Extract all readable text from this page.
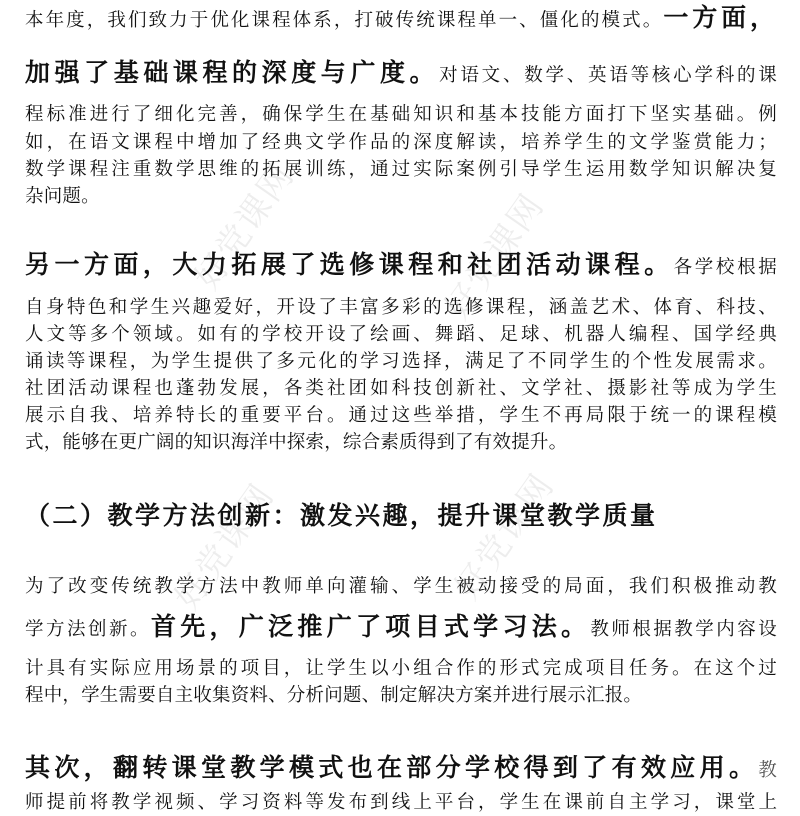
好党课网	好党课网
好党课网	好党课网
本年度，我们致力于优化课程体系，打破传统课程单一、僵化的模式。一方面，
加强了基础课程的深度与广度。对语文、数学、英语等核心学科的课
程标准进行了细化完善，确保学生在基础知识和基本技能方面打下坚实基础。例
如，在语文课程中增加了经典文学作品的深度解读，培养学生的文学鉴赏能力；
数学课程注重数学思维的拓展训练，通过实际案例引导学生运用数学知识解决复
杂问题。
另一方面，大力拓展了选修课程和社团活动课程。各学校根据
自身特色和学生兴趣爱好，开设了丰富多彩的选修课程，涵盖艺术、体育、科技、
人文等多个领域。如有的学校开设了绘画、舞蹈、足球、机器人编程、国学经典
诵读等课程，为学生提供了多元化的学习选择，满足了不同学生的个性发展需求。
社团活动课程也蓬勃发展，各类社团如科技创新社、文学社、摄影社等成为学生
展示自我、培养特长的重要平台。通过这些举措，学生不再局限于统一的课程模
式，能够在更广阔的知识海洋中探索，综合素质得到了有效提升。
（二）教学方法创新：激发兴趣，提升课堂教学质量
为了改变传统教学方法中教师单向灌输、学生被动接受的局面，我们积极推动教
学方法创新。首先，广泛推广了项目式学习法。教师根据教学内容设
计具有实际应用场景的项目，让学生以小组合作的形式完成项目任务。在这个过
程中，学生需要自主收集资料、分析问题、制定解决方案并进行展示汇报。
其次，翻转课堂教学模式也在部分学校得到了有效应用。教
师提前将教学视频、学习资料等发布到线上平台，学生在课前自主学习，课堂上
